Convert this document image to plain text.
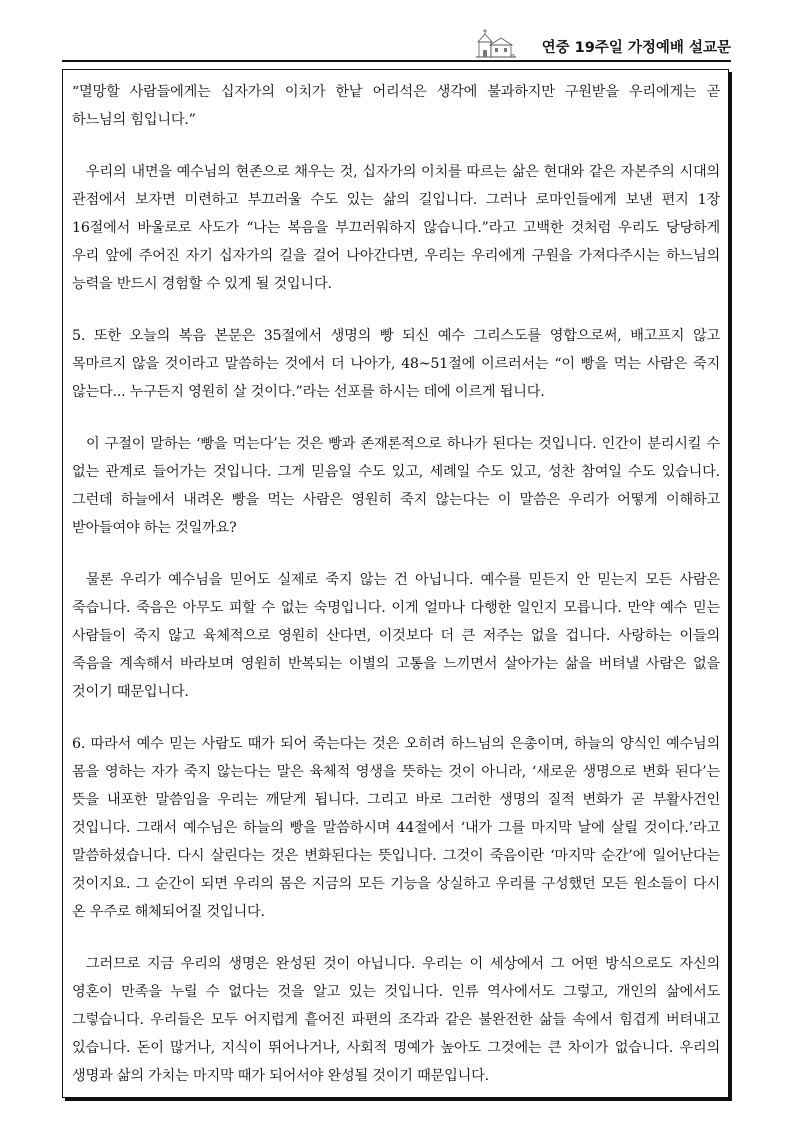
연중 19주일 가정예배 설교문

“멸망할 사람들에게는 십자가의 이치가 한낱 어리석은 생각에 불과하지만 구원받을 우리에게는 곧 하느님의 힘입니다.”

우리의 내면을 예수님의 현존으로 채우는 것, 십자가의 이치를 따르는 삶은 현대와 같은 자본주의 시대의 관점에서 보자면 미련하고 부끄러울 수도 있는 삶의 길입니다. 그러나 로마인들에게 보낸 편지 1장 16절에서 바울로로 사도가 “나는 복음을 부끄러워하지 않습니다.”라고 고백한 것처럼 우리도 당당하게 우리 앞에 주어진 자기 십자가의 길을 걸어 나아간다면, 우리는 우리에게 구원을 가져다주시는 하느님의 능력을 반드시 경험할 수 있게 될 것입니다.

5. 또한 오늘의 복음 본문은 35절에서 생명의 빵 되신 예수 그리스도를 영합으로써, 배고프지 않고 목마르지 않을 것이라고 말씀하는 것에서 더 나아가, 48~51절에 이르러서는 “이 빵을 먹는 사람은 죽지 않는다... 누구든지 영원히 살 것이다.”라는 선포를 하시는 데에 이르게 됩니다.

이 구절이 말하는 ‘빵을 먹는다’는 것은 빵과 존재론적으로 하나가 된다는 것입니다. 인간이 분리시킬 수 없는 관계로 들어가는 것입니다. 그게 믿음일 수도 있고, 세례일 수도 있고, 성찬 참여일 수도 있습니다. 그런데 하늘에서 내려온 빵을 먹는 사람은 영원히 죽지 않는다는 이 말씀은 우리가 어떻게 이해하고 받아들여야 하는 것일까요?

물론 우리가 예수님을 믿어도 실제로 죽지 않는 건 아닙니다. 예수를 믿든지 안 믿는지 모든 사람은 죽습니다. 죽음은 아무도 피할 수 없는 숙명입니다. 이게 얼마나 다행한 일인지 모릅니다. 만약 예수 믿는 사람들이 죽지 않고 육체적으로 영원히 산다면, 이것보다 더 큰 저주는 없을 겁니다. 사랑하는 이들의 죽음을 계속해서 바라보며 영원히 반복되는 이별의 고통을 느끼면서 살아가는 삶을 버텨낼 사람은 없을 것이기 때문입니다.

6. 따라서 예수 믿는 사람도 때가 되어 죽는다는 것은 오히려 하느님의 은총이며, 하늘의 양식인 예수님의 몸을 영하는 자가 죽지 않는다는 말은 육체적 영생을 뜻하는 것이 아니라, ‘새로운 생명으로 변화 된다’는 뜻을 내포한 말씀임을 우리는 깨닫게 됩니다. 그리고 바로 그러한 생명의 질적 변화가 곧 부활사건인 것입니다. 그래서 예수님은 하늘의 빵을 말씀하시며 44절에서 ‘내가 그를 마지막 날에 살릴 것이다.’라고 말씀하셨습니다. 다시 살린다는 것은 변화된다는 뜻입니다. 그것이 죽음이란 ‘마지막 순간’에 일어난다는 것이지요. 그 순간이 되면 우리의 몸은 지금의 모든 기능을 상실하고 우리를 구성했던 모든 원소들이 다시 온 우주로 해체되어질 것입니다.

그러므로 지금 우리의 생명은 완성된 것이 아닙니다. 우리는 이 세상에서 그 어떤 방식으로도 자신의 영혼이 만족을 누릴 수 없다는 것을 알고 있는 것입니다. 인류 역사에서도 그렇고, 개인의 삶에서도 그렇습니다. 우리들은 모두 어지럽게 흩어진 파편의 조각과 같은 불완전한 삶들 속에서 힘겹게 버텨내고 있습니다. 돈이 많거나, 지식이 뛰어나거나, 사회적 명예가 높아도 그것에는 큰 차이가 없습니다. 우리의 생명과 삶의 가치는 마지막 때가 되어서야 완성될 것이기 때문입니다.
